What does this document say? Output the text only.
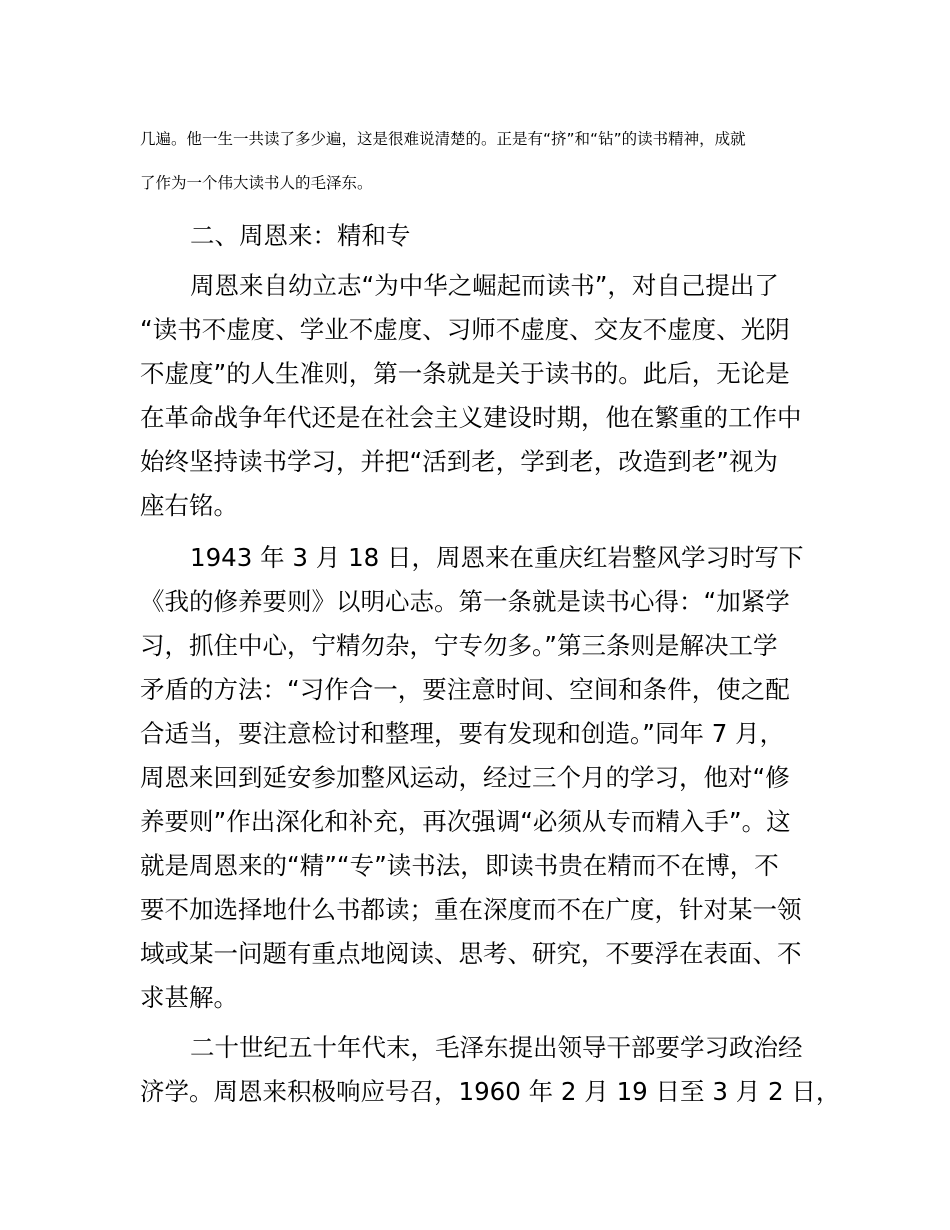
几遍。他一生一共读了多少遍，这是很难说清楚的。正是有“挤”和“钻”的读书精神，成就
了作为一个伟大读书人的毛泽东。
二、周恩来：精和专
周恩来自幼立志“为中华之崛起而读书”，对自己提出了
“读书不虚度、学业不虚度、习师不虚度、交友不虚度、光阴
不虚度”的人生准则，第一条就是关于读书的。此后，无论是
在革命战争年代还是在社会主义建设时期，他在繁重的工作中
始终坚持读书学习，并把“活到老，学到老，改造到老”视为
座右铭。
1943 年 3 月 18 日，周恩来在重庆红岩整风学习时写下
《我的修养要则》以明心志。第一条就是读书心得：“加紧学
习，抓住中心，宁精勿杂，宁专勿多。”第三条则是解决工学
矛盾的方法：“习作合一，要注意时间、空间和条件，使之配
合适当，要注意检讨和整理，要有发现和创造。”同年 7 月，
周恩来回到延安参加整风运动，经过三个月的学习，他对“修
养要则”作出深化和补充，再次强调“必须从专而精入手”。这
就是周恩来的“精”“专”读书法，即读书贵在精而不在博，不
要不加选择地什么书都读；重在深度而不在广度，针对某一领
域或某一问题有重点地阅读、思考、研究，不要浮在表面、不
求甚解。
二十世纪五十年代末，毛泽东提出领导干部要学习政治经
济学。周恩来积极响应号召，1960 年 2 月 19 日至 3 月 2 日，
